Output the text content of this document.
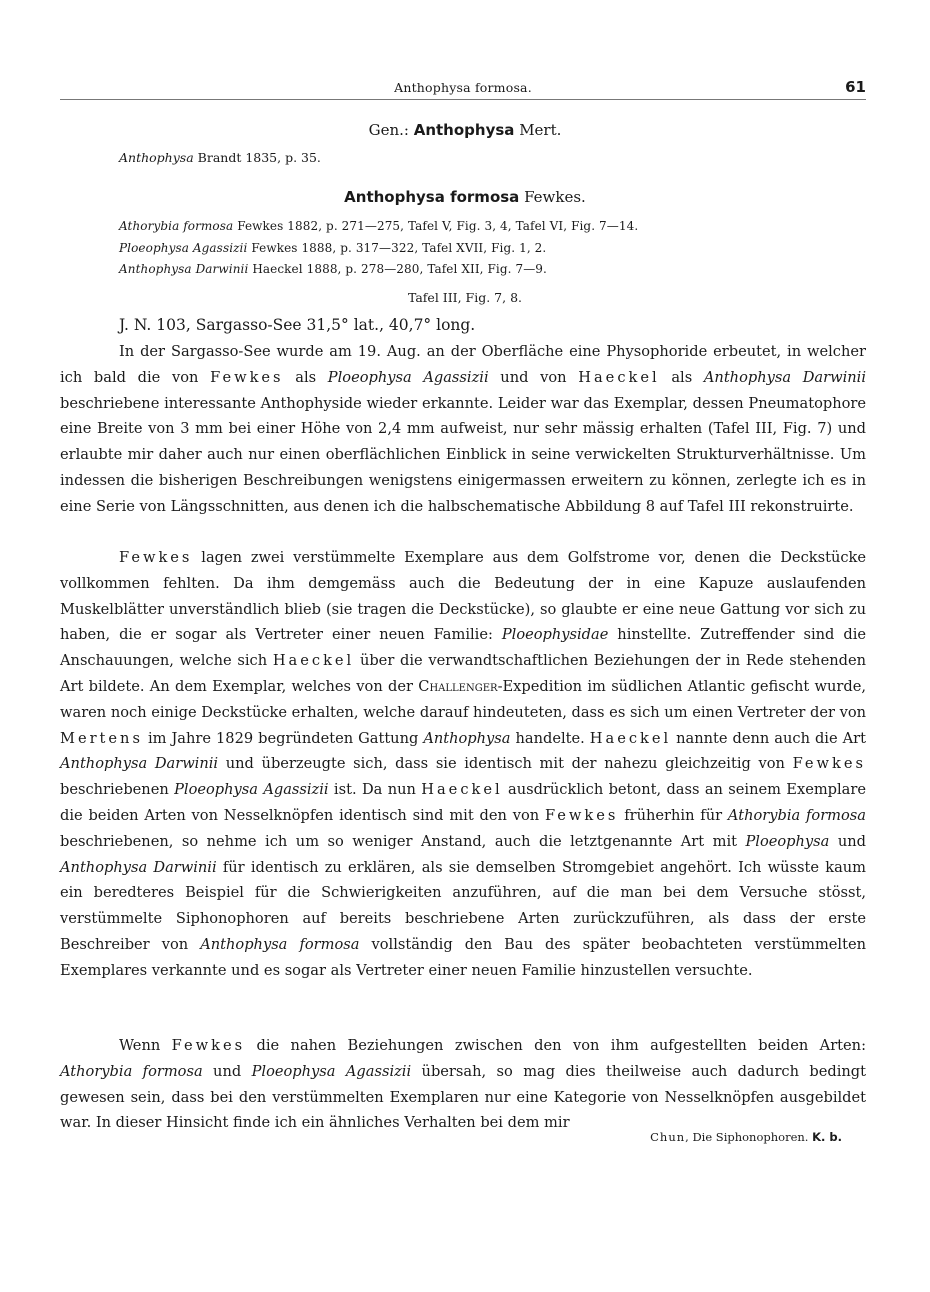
Anthophysa formosa.	61
Gen.: Anthophysa Mert.
Anthophysa Brandt 1835, p. 35.
Anthophysa formosa Fewkes.
Athorybia formosa Fewkes 1882, p. 271—275, Tafel V, Fig. 3, 4, Tafel VI, Fig. 7—14.
Ploeophysa Agassizii Fewkes 1888, p. 317—322, Tafel XVII, Fig. 1, 2.
Anthophysa Darwinii Haeckel 1888, p. 278—280, Tafel XII, Fig. 7—9.
Tafel III, Fig. 7, 8.
J. N. 103, Sargasso-See 31,5° lat., 40,7° long.

In der Sargasso-See wurde am 19. Aug. an der Oberfläche eine Physophoride erbeutet, in welcher ich bald die von Fewkes als Ploeophysa Agassizii und von Haeckel als Anthophysa Darwinii beschriebene interessante Anthophyside wieder erkannte. Leider war das Exemplar, dessen Pneumatophore eine Breite von 3 mm bei einer Höhe von 2,4 mm aufweist, nur sehr mässig erhalten (Tafel III, Fig. 7) und erlaubte mir daher auch nur einen oberflächlichen Einblick in seine verwickelten Strukturverhältnisse. Um indessen die bisherigen Beschreibungen wenigstens einigermassen erweitern zu können, zerlegte ich es in eine Serie von Längsschnitten, aus denen ich die halbschematische Abbildung 8 auf Tafel III rekonstruirte.

Fewkes lagen zwei verstümmelte Exemplare aus dem Golfstrome vor, denen die Deckstücke vollkommen fehlten. Da ihm demgemäss auch die Bedeutung der in eine Kapuze auslaufenden Muskelblätter unverständlich blieb (sie tragen die Deckstücke), so glaubte er eine neue Gattung vor sich zu haben, die er sogar als Vertreter einer neuen Familie: Ploeophysidae hinstellte. Zutreffender sind die Anschauungen, welche sich Haeckel über die verwandtschaftlichen Beziehungen der in Rede stehenden Art bildete. An dem Exemplar, welches von der Challenger-Expedition im südlichen Atlantic gefischt wurde, waren noch einige Deckstücke erhalten, welche darauf hindeuteten, dass es sich um einen Vertreter der von Mertens im Jahre 1829 begründeten Gattung Anthophysa handelte. Haeckel nannte denn auch die Art Anthophysa Darwinii und überzeugte sich, dass sie identisch mit der nahezu gleichzeitig von Fewkes beschriebenen Ploeophysa Agassizii ist. Da nun Haeckel ausdrücklich betont, dass an seinem Exemplare die beiden Arten von Nesselknöpfen identisch sind mit den von Fewkes früherhin für Athorybia formosa beschriebenen, so nehme ich um so weniger Anstand, auch die letztgenannte Art mit Ploeophysa und Anthophysa Darwinii für identisch zu erklären, als sie demselben Stromgebiet angehört. Ich wüsste kaum ein beredteres Beispiel für die Schwierigkeiten anzuführen, auf die man bei dem Versuche stösst, verstümmelte Siphonophoren auf bereits beschriebene Arten zurückzuführen, als dass der erste Beschreiber von Anthophysa formosa vollständig den Bau des später beobachteten verstümmelten Exemplares verkannte und es sogar als Vertreter einer neuen Familie hinzustellen versuchte.

Wenn Fewkes die nahen Beziehungen zwischen den von ihm aufgestellten beiden Arten: Athorybia formosa und Ploeophysa Agassizii übersah, so mag dies theilweise auch dadurch bedingt gewesen sein, dass bei den verstümmelten Exemplaren nur eine Kategorie von Nesselknöpfen ausgebildet war. In dieser Hinsicht finde ich ein ähnliches Verhalten bei dem mir

Chun, Die Siphonophoren. K. b.
